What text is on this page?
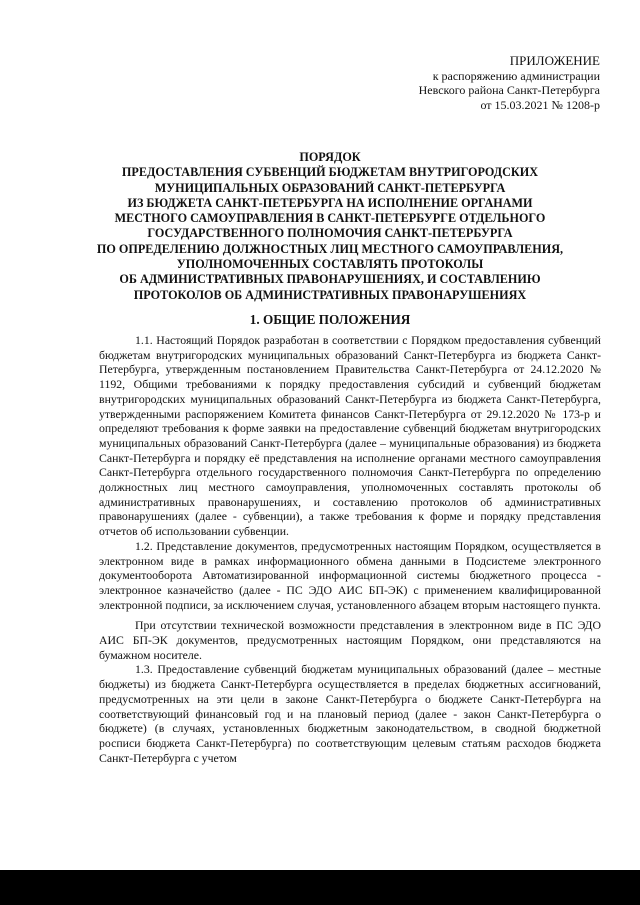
ПРИЛОЖЕНИЕ
к распоряжению администрации
Невского района Санкт-Петербурга
от 15.03.2021 № 1208-р
ПОРЯДОК
ПРЕДОСТАВЛЕНИЯ СУБВЕНЦИЙ БЮДЖЕТАМ ВНУТРИГОРОДСКИХ
МУНИЦИПАЛЬНЫХ ОБРАЗОВАНИЙ САНКТ-ПЕТЕРБУРГА
ИЗ БЮДЖЕТА САНКТ-ПЕТЕРБУРГА НА ИСПОЛНЕНИЕ ОРГАНАМИ
МЕСТНОГО САМОУПРАВЛЕНИЯ В САНКТ-ПЕТЕРБУРГЕ ОТДЕЛЬНОГО
ГОСУДАРСТВЕННОГО ПОЛНОМОЧИЯ САНКТ-ПЕТЕРБУРГА
ПО ОПРЕДЕЛЕНИЮ ДОЛЖНОСТНЫХ ЛИЦ МЕСТНОГО САМОУПРАВЛЕНИЯ,
УПОЛНОМОЧЕННЫХ СОСТАВЛЯТЬ ПРОТОКОЛЫ
ОБ АДМИНИСТРАТИВНЫХ ПРАВОНАРУШЕНИЯХ, И СОСТАВЛЕНИЮ
ПРОТОКОЛОВ ОБ АДМИНИСТРАТИВНЫХ ПРАВОНАРУШЕНИЯХ
1. ОБЩИЕ ПОЛОЖЕНИЯ

1.1. Настоящий Порядок разработан в соответствии с Порядком предоставления субвенций бюджетам внутригородских муниципальных образований Санкт-Петербурга из бюджета Санкт-Петербурга, утвержденным постановлением Правительства Санкт-Петербурга от 24.12.2020 № 1192, Общими требованиями к порядку предоставления субсидий и субвенций бюджетам внутригородских муниципальных образований Санкт-Петербурга из бюджета Санкт-Петербурга, утвержденными распоряжением Комитета финансов Санкт-Петербурга от 29.12.2020 № 173-р и определяют требования к форме заявки на предоставление субвенций бюджетам внутригородских муниципальных образований Санкт-Петербурга (далее – муниципальные образования) из бюджета Санкт-Петербурга и порядку её представления на исполнение органами местного самоуправления Санкт-Петербурга отдельного государственного полномочия Санкт-Петербурга по определению должностных лиц местного самоуправления, уполномоченных составлять протоколы об административных правонарушениях, и составлению протоколов об административных правонарушениях (далее - субвенции), а также требования к форме и порядку представления отчетов об использовании субвенции.

1.2. Представление документов, предусмотренных настоящим Порядком, осуществляется в электронном виде в рамках информационного обмена данными в Подсистеме электронного документооборота Автоматизированной информационной системы бюджетного процесса - электронное казначейство (далее - ПС ЭДО АИС БП-ЭК) с применением квалифицированной электронной подписи, за исключением случая, установленного абзацем вторым настоящего пункта.

При отсутствии технической возможности представления в электронном виде в ПС ЭДО АИС БП-ЭК документов, предусмотренных настоящим Порядком, они представляются на бумажном носителе.

1.3. Предоставление субвенций бюджетам муниципальных образований (далее – местные бюджеты) из бюджета Санкт-Петербурга осуществляется в пределах бюджетных ассигнований, предусмотренных на эти цели в законе Санкт-Петербурга о бюджете Санкт-Петербурга на соответствующий финансовый год и на плановый период (далее - закон Санкт-Петербурга о бюджете) (в случаях, установленных бюджетным законодательством, в сводной бюджетной росписи бюджета Санкт-Петербурга) по соответствующим целевым статьям расходов бюджета Санкт-Петербурга с учетом
